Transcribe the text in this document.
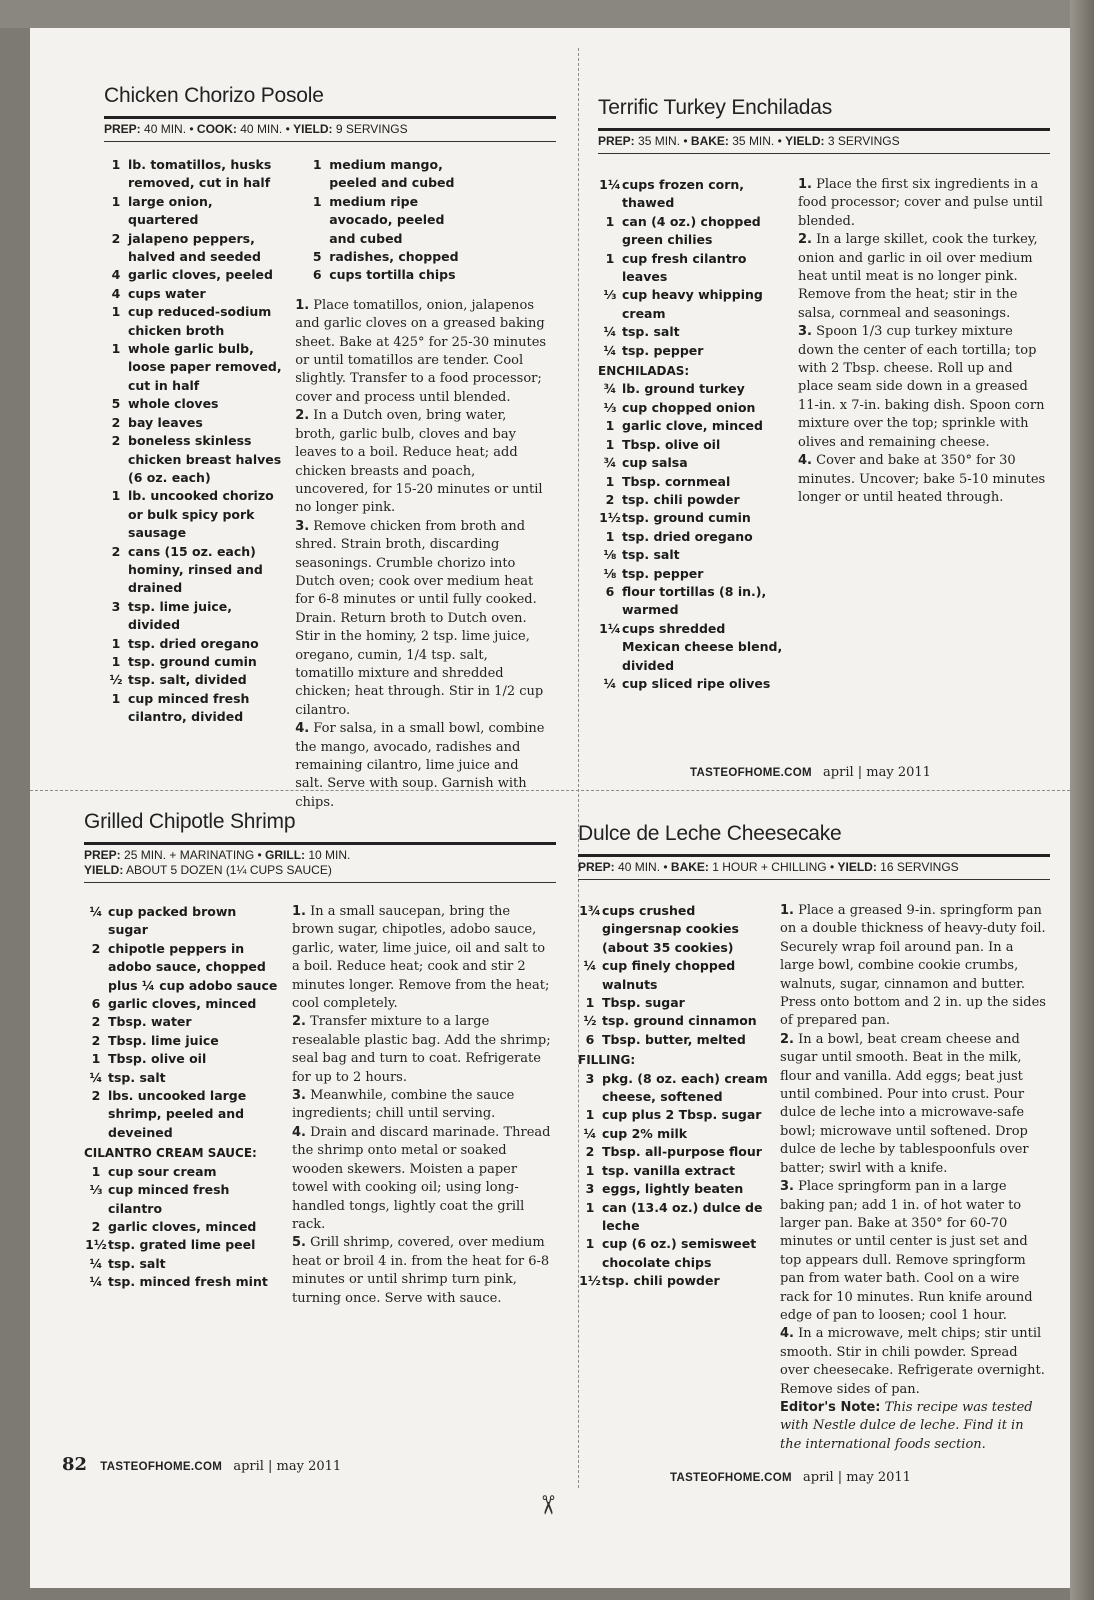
Chicken Chorizo Posole
PREP: 40 MIN. • COOK: 40 MIN. • YIELD: 9 SERVINGS
1 lb. tomatillos, husks removed, cut in half
1 large onion, quartered
2 jalapeno peppers, halved and seeded
4 garlic cloves, peeled
4 cups water
1 cup reduced-sodium chicken broth
1 whole garlic bulb, loose paper removed, cut in half
5 whole cloves
2 bay leaves
2 boneless skinless chicken breast halves (6 oz. each)
1 lb. uncooked chorizo or bulk spicy pork sausage
2 cans (15 oz. each) hominy, rinsed and drained
3 tsp. lime juice, divided
1 tsp. dried oregano
1 tsp. ground cumin
½ tsp. salt, divided
1 cup minced fresh cilantro, divided
1 medium mango, peeled and cubed
1 medium ripe avocado, peeled and cubed
5 radishes, chopped
6 cups tortilla chips

1. Place tomatillos, onion, jalapenos and garlic cloves on a greased baking sheet. Bake at 425° for 25-30 minutes or until tomatillos are tender. Cool slightly. Transfer to a food processor; cover and process until blended.

2. In a Dutch oven, bring water, broth, garlic bulb, cloves and bay leaves to a boil. Reduce heat; add chicken breasts and poach, uncovered, for 15-20 minutes or until no longer pink.

3. Remove chicken from broth and shred. Strain broth, discarding seasonings. Crumble chorizo into Dutch oven; cook over medium heat for 6-8 minutes or until fully cooked. Drain. Return broth to Dutch oven. Stir in the hominy, 2 tsp. lime juice, oregano, cumin, 1/4 tsp. salt, tomatillo mixture and shredded chicken; heat through. Stir in 1/2 cup cilantro.

4. For salsa, in a small bowl, combine the mango, avocado, radishes and remaining cilantro, lime juice and salt. Serve with soup. Garnish with chips.

Terrific Turkey Enchiladas
PREP: 35 MIN. • BAKE: 35 MIN. • YIELD: 3 SERVINGS
1¼ cups frozen corn, thawed
1 can (4 oz.) chopped green chilies
1 cup fresh cilantro leaves
⅓ cup heavy whipping cream
¼ tsp. salt
¼ tsp. pepper
ENCHILADAS:
¾ lb. ground turkey
⅓ cup chopped onion
1 garlic clove, minced
1 Tbsp. olive oil
¾ cup salsa
1 Tbsp. cornmeal
2 tsp. chili powder
1½ tsp. ground cumin
1 tsp. dried oregano
⅛ tsp. salt
⅛ tsp. pepper
6 flour tortillas (8 in.), warmed
1¼ cups shredded Mexican cheese blend, divided
¼ cup sliced ripe olives

1. Place the first six ingredients in a food processor; cover and pulse until blended.

2. In a large skillet, cook the turkey, onion and garlic in oil over medium heat until meat is no longer pink. Remove from the heat; stir in the salsa, cornmeal and seasonings.

3. Spoon 1/3 cup turkey mixture down the center of each tortilla; top with 2 Tbsp. cheese. Roll up and place seam side down in a greased 11-in. x 7-in. baking dish. Spoon corn mixture over the top; sprinkle with olives and remaining cheese.

4. Cover and bake at 350° for 30 minutes. Uncover; bake 5-10 minutes longer or until heated through.

Grilled Chipotle Shrimp
PREP: 25 MIN. + MARINATING • GRILL: 10 MIN.
YIELD: ABOUT 5 DOZEN (1¼ CUPS SAUCE)
¼ cup packed brown sugar
2 chipotle peppers in adobo sauce, chopped plus ¼ cup adobo sauce
6 garlic cloves, minced
2 Tbsp. water
2 Tbsp. lime juice
1 Tbsp. olive oil
¼ tsp. salt
2 lbs. uncooked large shrimp, peeled and deveined
CILANTRO CREAM SAUCE:
1 cup sour cream
⅓ cup minced fresh cilantro
2 garlic cloves, minced
1½ tsp. grated lime peel
¼ tsp. salt
¼ tsp. minced fresh mint

1. In a small saucepan, bring the brown sugar, chipotles, adobo sauce, garlic, water, lime juice, oil and salt to a boil. Reduce heat; cook and stir 2 minutes longer. Remove from the heat; cool completely.

2. Transfer mixture to a large resealable plastic bag. Add the shrimp; seal bag and turn to coat. Refrigerate for up to 2 hours.

3. Meanwhile, combine the sauce ingredients; chill until serving.

4. Drain and discard marinade. Thread the shrimp onto metal or soaked wooden skewers. Moisten a paper towel with cooking oil; using long-handled tongs, lightly coat the grill rack.

5. Grill shrimp, covered, over medium heat or broil 4 in. from the heat for 6-8 minutes or until shrimp turn pink, turning once. Serve with sauce.

Dulce de Leche Cheesecake
PREP: 40 MIN. • BAKE: 1 HOUR + CHILLING • YIELD: 16 SERVINGS
1¾ cups crushed gingersnap cookies (about 35 cookies)
¼ cup finely chopped walnuts
1 Tbsp. sugar
½ tsp. ground cinnamon
6 Tbsp. butter, melted
FILLING:
3 pkg. (8 oz. each) cream cheese, softened
1 cup plus 2 Tbsp. sugar
¼ cup 2% milk
2 Tbsp. all-purpose flour
1 tsp. vanilla extract
3 eggs, lightly beaten
1 can (13.4 oz.) dulce de leche
1 cup (6 oz.) semisweet chocolate chips
1½ tsp. chili powder

1. Place a greased 9-in. springform pan on a double thickness of heavy-duty foil. Securely wrap foil around pan. In a large bowl, combine cookie crumbs, walnuts, sugar, cinnamon and butter. Press onto bottom and 2 in. up the sides of prepared pan.

2. In a bowl, beat cream cheese and sugar until smooth. Beat in the milk, flour and vanilla. Add eggs; beat just until combined. Pour into crust. Pour dulce de leche into a microwave-safe bowl; microwave until softened. Drop dulce de leche by tablespoonfuls over batter; swirl with a knife.

3. Place springform pan in a large baking pan; add 1 in. of hot water to larger pan. Bake at 350° for 60-70 minutes or until center is just set and top appears dull. Remove springform pan from water bath. Cool on a wire rack for 10 minutes. Run knife around edge of pan to loosen; cool 1 hour.

4. In a microwave, melt chips; stir until smooth. Stir in chili powder. Spread over cheesecake. Refrigerate overnight. Remove sides of pan.

Editor's Note: This recipe was tested with Nestle dulce de leche. Find it in the international foods section.

TASTEOFHOME.COM april | may 2011
82 TASTEOFHOME.COM april | may 2011
TASTEOFHOME.COM april | may 2011
✂
